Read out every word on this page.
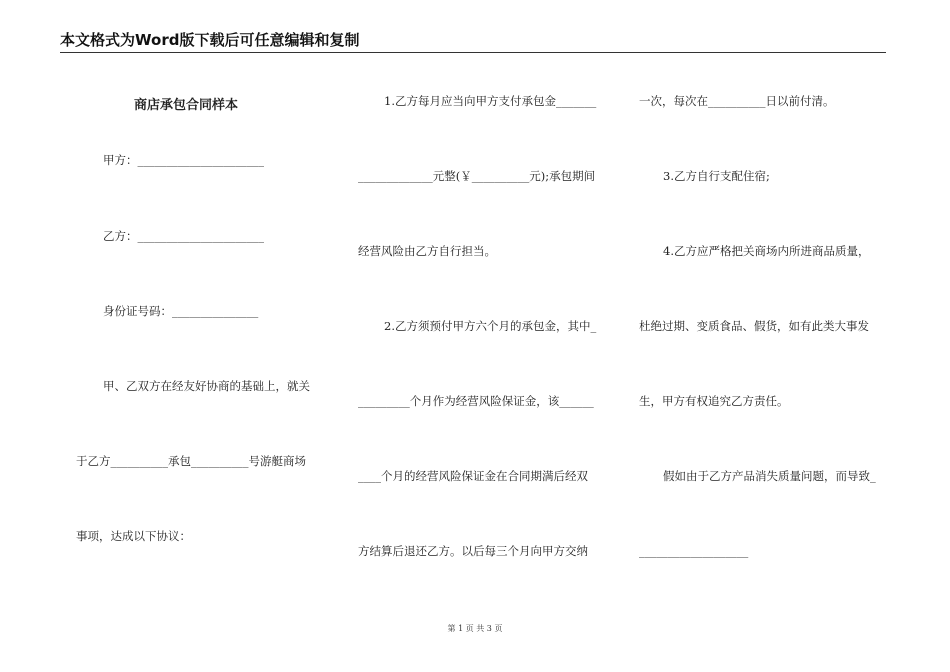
本文格式为Word版下载后可任意编辑和复制
商店承包合同样本
甲方：______________________
乙方：______________________
身份证号码：_______________
甲、乙双方在经友好协商的基础上，就关
于乙方__________承包__________号游艇商场
事项，达成以下协议：
1.乙方每月应当向甲方支付承包金_______
_____________元整(￥__________元);承包期间
经营风险由乙方自行担当。
2.乙方须预付甲方六个月的承包金，其中_
_________个月作为经营风险保证金，该______
____个月的经营风险保证金在合同期满后经双
方结算后退还乙方。以后每三个月向甲方交纳
一次，每次在__________日以前付清。
3.乙方自行支配住宿;
4.乙方应严格把关商场内所进商品质量，
杜绝过期、变质食品、假货，如有此类大事发
生，甲方有权追究乙方责任。
假如由于乙方产品消失质量问题，而导致_
___________________
第 1 页 共 3 页
